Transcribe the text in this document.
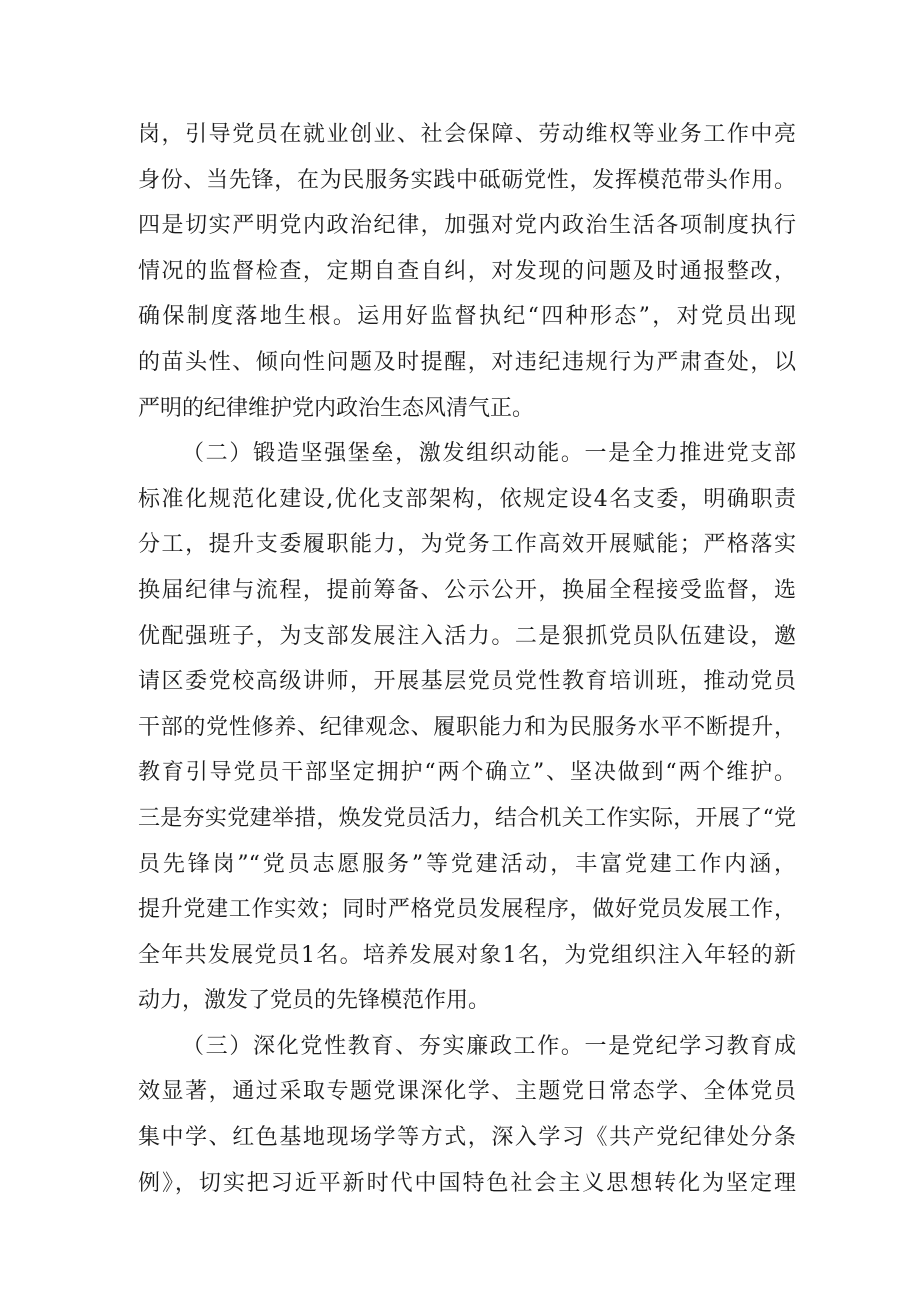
岗，引导党员在就业创业、社会保障、劳动维权等业务工作中亮
身份、当先锋，在为民服务实践中砥砺党性，发挥模范带头作用。
四是切实严明党内政治纪律，加强对党内政治生活各项制度执行
情况的监督检查，定期自查自纠，对发现的问题及时通报整改，
确保制度落地生根。运用好监督执纪“四种形态”，对党员出现
的苗头性、倾向性问题及时提醒，对违纪违规行为严肃查处，以
严明的纪律维护党内政治生态风清气正。
（二）锻造坚强堡垒，激发组织动能。一是全力推进党支部
标准化规范化建设,优化支部架构，依规定设4名支委，明确职责
分工，提升支委履职能力，为党务工作高效开展赋能；严格落实
换届纪律与流程，提前筹备、公示公开，换届全程接受监督，选
优配强班子，为支部发展注入活力。二是狠抓党员队伍建设，邀
请区委党校高级讲师，开展基层党员党性教育培训班，推动党员
干部的党性修养、纪律观念、履职能力和为民服务水平不断提升，
教育引导党员干部坚定拥护“两个确立”、坚决做到“两个维护。
三是夯实党建举措，焕发党员活力，结合机关工作实际，开展了“党
员先锋岗”“党员志愿服务”等党建活动，丰富党建工作内涵，
提升党建工作实效；同时严格党员发展程序，做好党员发展工作，
全年共发展党员1名。培养发展对象1名，为党组织注入年轻的新
动力，激发了党员的先锋模范作用。
（三）深化党性教育、夯实廉政工作。一是党纪学习教育成
效显著，通过采取专题党课深化学、主题党日常态学、全体党员
集中学、红色基地现场学等方式，深入学习《共产党纪律处分条
例》，切实把习近平新时代中国特色社会主义思想转化为坚定理
